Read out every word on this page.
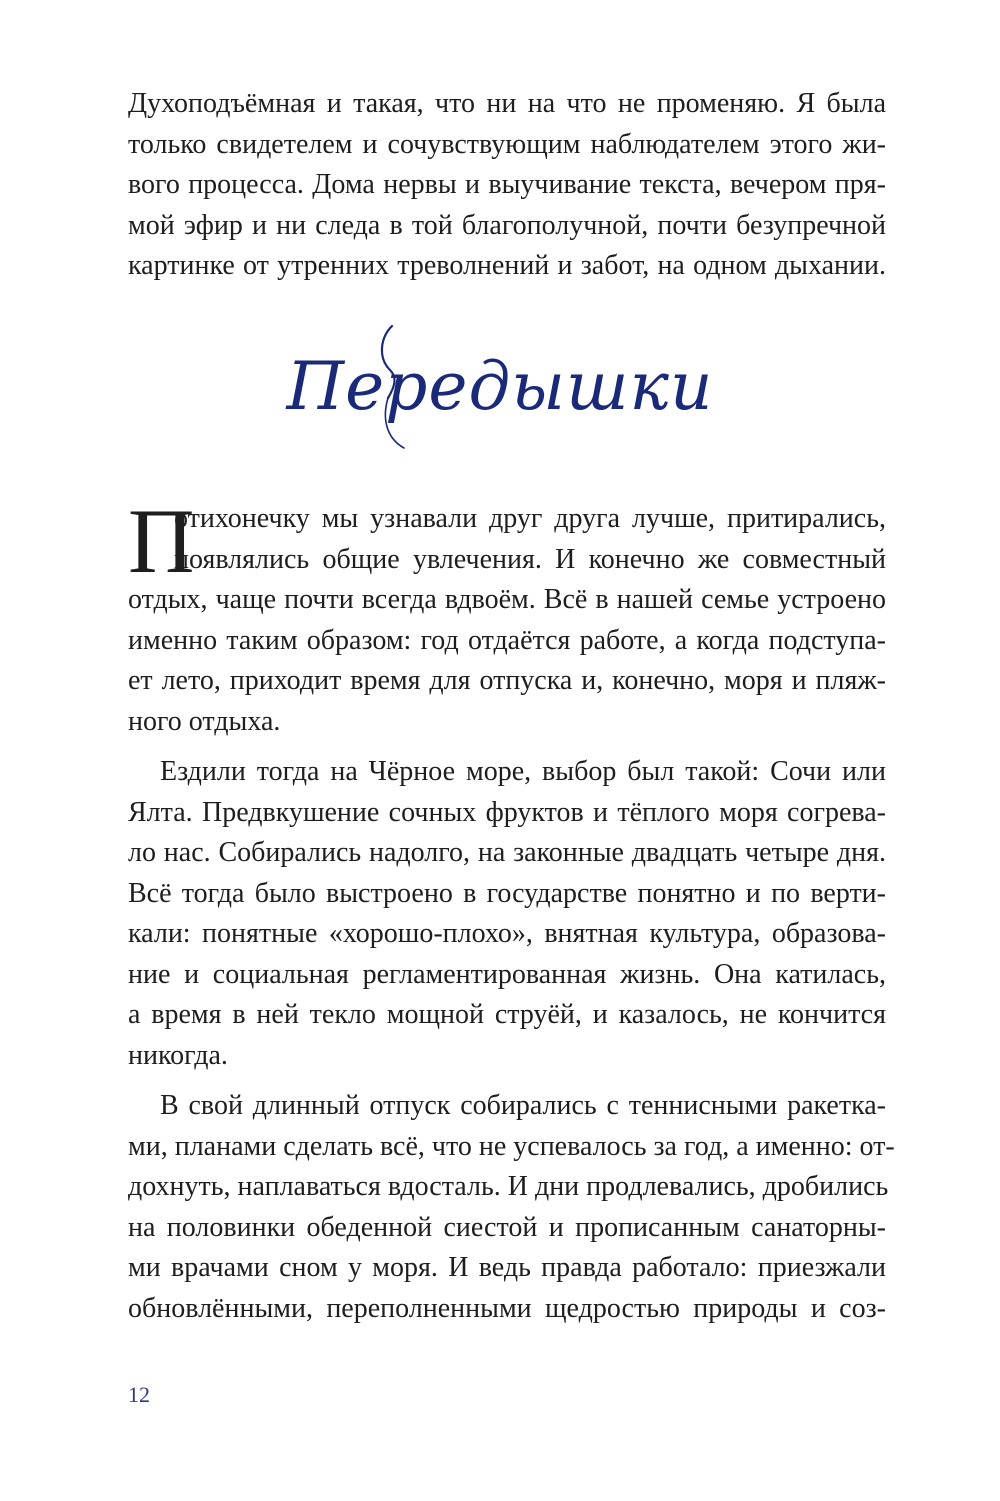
Духоподъёмная и такая, что ни на что не променяю. Я была
только свидетелем и сочувствующим наблюдателем этого жи-
вого процесса. Дома нервы и выучивание текста, вечером пря-
мой эфир и ни следа в той благополучной, почти безупречной
картинке от утренних треволнений и забот, на одном дыхании.
Передышки
П
отихонечку мы узнавали друг друга лучше, притирались,
появлялись общие увлечения. И конечно же совместный
отдых, чаще почти всегда вдвоём. Всё в нашей семье устроено
именно таким образом: год отдаётся работе, а когда подступа-
ет лето, приходит время для отпуска и, конечно, моря и пляж-
ного отдыха.
Ездили тогда на Чёрное море, выбор был такой: Сочи или
Ялта. Предвкушение сочных фруктов и тёплого моря согрева-
ло нас. Собирались надолго, на законные двадцать четыре дня.
Всё тогда было выстроено в государстве понятно и по верти-
кали: понятные «хорошо-плохо», внятная культура, образова-
ние и социальная регламентированная жизнь. Она катилась,
а время в ней текло мощной струёй, и казалось, не кончится
никогда.
В свой длинный отпуск собирались с теннисными ракетка-
ми, планами сделать всё, что не успевалось за год, а именно: от-
дохнуть, наплаваться вдосталь. И дни продлевались, дробились
на половинки обеденной сиестой и прописанным санаторны-
ми врачами сном у моря. И ведь правда работало: приезжали
обновлёнными, переполненными щедростью природы и соз-
12
